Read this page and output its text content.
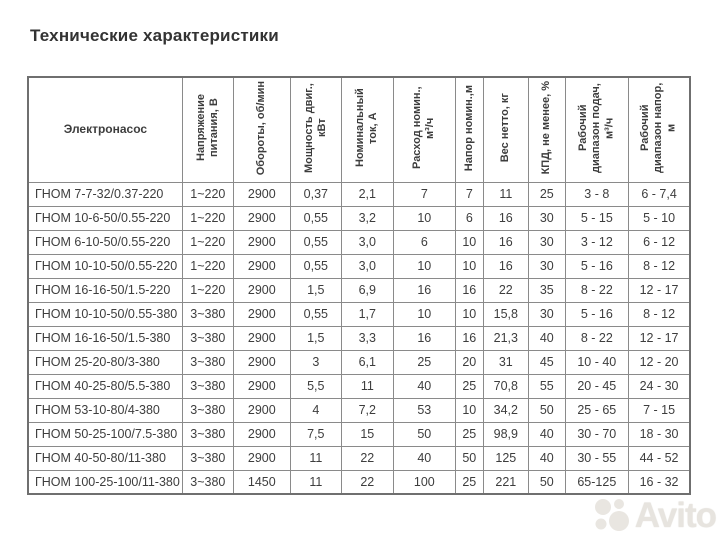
Технические характеристики
Электронасос	Напряжение питания, В	Обороты, об/мин	Мощность двиг., кВт	Номинальный ток, А	Расход номин., м³/ч	Напор номин.,м	Вес нетто, кг	КПД, не менее, %	Рабочий диапазон подач, м³/ч	Рабочий диапазон напор, м
ГНОМ 7-7-32/0.37-220	1~220	2900	0,37	2,1	7	7	11	25	3 - 8	6 - 7,4
ГНОМ 10-6-50/0.55-220	1~220	2900	0,55	3,2	10	6	16	30	5 - 15	5 - 10
ГНОМ 6-10-50/0.55-220	1~220	2900	0,55	3,0	6	10	16	30	3 - 12	6 - 12
ГНОМ 10-10-50/0.55-220	1~220	2900	0,55	3,0	10	10	16	30	5 - 16	8 - 12
ГНОМ 16-16-50/1.5-220	1~220	2900	1,5	6,9	16	16	22	35	8 - 22	12 - 17
ГНОМ 10-10-50/0.55-380	3~380	2900	0,55	1,7	10	10	15,8	30	5 - 16	8 - 12
ГНОМ 16-16-50/1.5-380	3~380	2900	1,5	3,3	16	16	21,3	40	8 - 22	12 - 17
ГНОМ 25-20-80/3-380	3~380	2900	3	6,1	25	20	31	45	10 - 40	12 - 20
ГНОМ 40-25-80/5.5-380	3~380	2900	5,5	11	40	25	70,8	55	20 - 45	24 - 30
ГНОМ 53-10-80/4-380	3~380	2900	4	7,2	53	10	34,2	50	25 - 65	7 - 15
ГНОМ 50-25-100/7.5-380	3~380	2900	7,5	15	50	25	98,9	40	30 - 70	18 - 30
ГНОМ 40-50-80/11-380	3~380	2900	11	22	40	50	125	40	30 - 55	44 - 52
ГНОМ 100-25-100/11-380	3~380	1450	11	22	100	25	221	50	65-125	16 - 32
Avito
